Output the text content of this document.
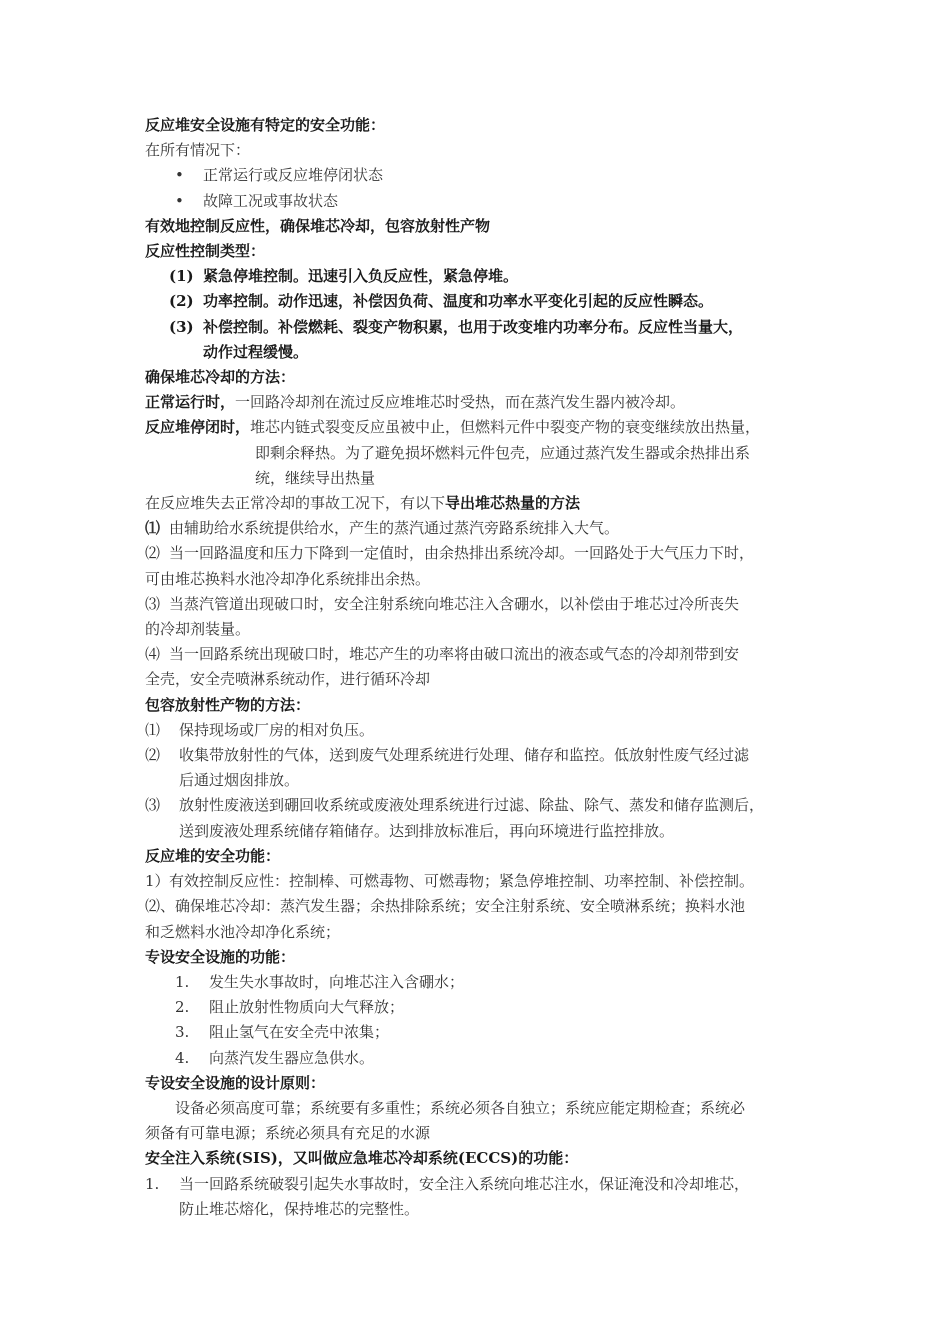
反应堆安全设施有特定的安全功能：

在所有情况下：

• 正常运行或反应堆停闭状态

• 故障工况或事故状态

有效地控制反应性，确保堆芯冷却，包容放射性产物

反应性控制类型：

(1) 紧急停堆控制。迅速引入负反应性，紧急停堆。

(2) 功率控制。动作迅速，补偿因负荷、温度和功率水平变化引起的反应性瞬态。

(3) 补偿控制。补偿燃耗、裂变产物积累，也用于改变堆内功率分布。反应性当量大，

动作过程缓慢。

确保堆芯冷却的方法：

正常运行时，一回路冷却剂在流过反应堆堆芯时受热，而在蒸汽发生器内被冷却。

反应堆停闭时，堆芯内链式裂变反应虽被中止，但燃料元件中裂变产物的衰变继续放出热量，

即剩余释热。为了避免损坏燃料元件包壳，应通过蒸汽发生器或余热排出系

统，继续导出热量

在反应堆失去正常冷却的事故工况下，有以下导出堆芯热量的方法

⑴ 由辅助给水系统提供给水，产生的蒸汽通过蒸汽旁路系统排入大气。

⑵ 当一回路温度和压力下降到一定值时，由余热排出系统冷却。一回路处于大气压力下时，

可由堆芯换料水池冷却净化系统排出余热。

⑶ 当蒸汽管道出现破口时，安全注射系统向堆芯注入含硼水，以补偿由于堆芯过冷所丧失

的冷却剂装量。

⑷ 当一回路系统出现破口时，堆芯产生的功率将由破口流出的液态或气态的冷却剂带到安

全壳，安全壳喷淋系统动作，进行循环冷却

包容放射性产物的方法：

⑴ 保持现场或厂房的相对负压。

⑵ 收集带放射性的气体，送到废气处理系统进行处理、储存和监控。低放射性废气经过滤

后通过烟囱排放。

⑶ 放射性废液送到硼回收系统或废液处理系统进行过滤、除盐、除气、蒸发和储存监测后，

送到废液处理系统储存箱储存。达到排放标准后，再向环境进行监控排放。

反应堆的安全功能：

1）有效控制反应性：控制棒、可燃毒物、可燃毒物；紧急停堆控制、功率控制、补偿控制。

⑵、确保堆芯冷却：蒸汽发生器；余热排除系统；安全注射系统、安全喷淋系统；换料水池

和乏燃料水池冷却净化系统；

专设安全设施的功能：

1. 发生失水事故时，向堆芯注入含硼水；

2. 阻止放射性物质向大气释放；

3. 阻止氢气在安全壳中浓集；

4. 向蒸汽发生器应急供水。

专设安全设施的设计原则：

设备必须高度可靠；系统要有多重性；系统必须各自独立；系统应能定期检查；系统必

须备有可靠电源；系统必须具有充足的水源

安全注入系统(SIS)，又叫做应急堆芯冷却系统(ECCS)的功能：

1. 当一回路系统破裂引起失水事故时，安全注入系统向堆芯注水，保证淹没和冷却堆芯，

防止堆芯熔化，保持堆芯的完整性。
